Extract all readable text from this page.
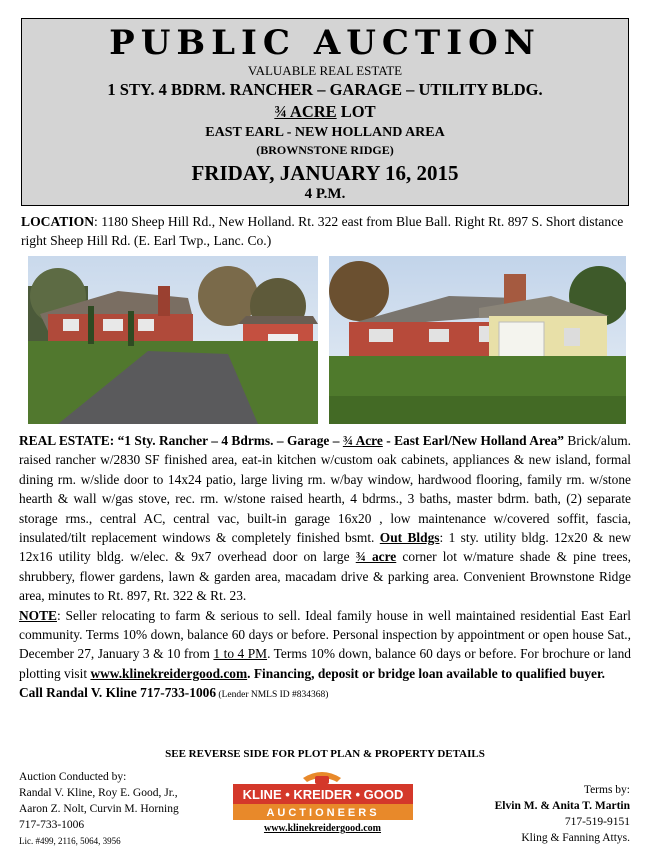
PUBLIC AUCTION
VALUABLE REAL ESTATE
1 STY. 4 BDRM. RANCHER – GARAGE – UTILITY BLDG.
¾ ACRE LOT
EAST EARL - NEW HOLLAND AREA
(BROWNSTONE RIDGE)
FRIDAY, JANUARY 16, 2015
4 P.M.
LOCATION: 1180 Sheep Hill Rd., New Holland. Rt. 322 east from Blue Ball. Right Rt. 897 S. Short distance right Sheep Hill Rd. (E. Earl Twp., Lanc. Co.)
REAL ESTATE: “1 Sty. Rancher – 4 Bdrms. – Garage – ¾ Acre - East Earl/New Holland Area” Brick/alum. raised rancher w/2830 SF finished area, eat-in kitchen w/custom oak cabinets, appliances & new island, formal dining rm. w/slide door to 14x24 patio, large living rm. w/bay window, hardwood flooring, family rm. w/stone hearth & wall w/gas stove, rec. rm. w/stone raised hearth, 4 bdrms., 3 baths, master bdrm. bath, (2) separate storage rms., central AC, central vac, built-in garage 16x20 , low maintenance w/covered soffit, fascia, insulated/tilt replacement windows & completely finished bsmt. Out Bldgs: 1 sty. utility bldg. 12x20 & new 12x16 utility bldg. w/elec. & 9x7 overhead door on large ¾ acre corner lot w/mature shade & pine trees, shrubbery, flower gardens, lawn & garden area, macadam drive & parking area. Convenient Brownstone Ridge area, minutes to Rt. 897, Rt. 322 & Rt. 23.
NOTE: Seller relocating to farm & serious to sell. Ideal family house in well maintained residential East Earl community. Terms 10% down, balance 60 days or before. Personal inspection by appointment or open house Sat., December 27, January 3 & 10 from 1 to 4 PM. Terms 10% down, balance 60 days or before. For brochure or land plotting visit www.klinekreidergood.com. Financing, deposit or bridge loan available to qualified buyer.
Call Randal V. Kline 717-733-1006 (Lender NMLS ID #834368)
SEE REVERSE SIDE FOR PLOT PLAN & PROPERTY DETAILS
Auction Conducted by:
Randal V. Kline, Roy E. Good, Jr.,
Aaron Z. Nolt, Curvin M. Horning
717-733-1006
Lic. #499, 2116, 5064, 3956
KLINE • KREIDER • GOOD
AUCTIONEERS
www.klinekreidergood.com
Terms by:
Elvin M. & Anita T. Martin
717-519-9151
Kling & Fanning Attys.
